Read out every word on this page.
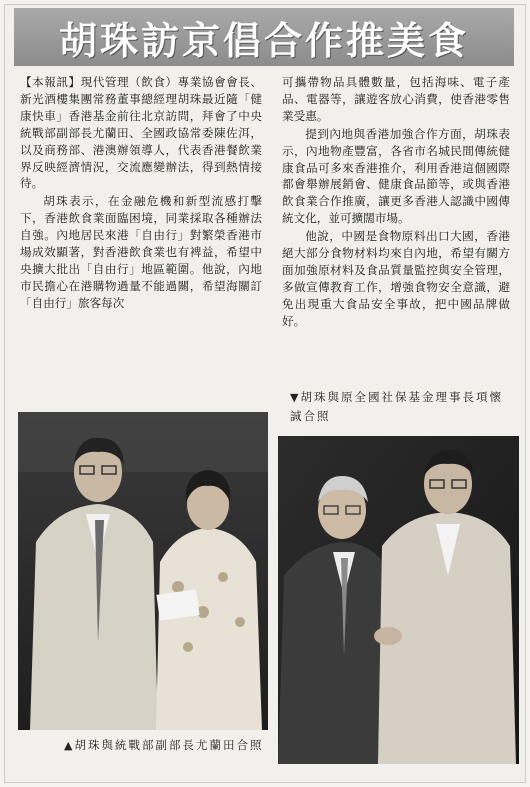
胡珠訪京倡合作推美食

【本報訊】現代管理（飲食）專業協會會長、新光酒樓集團常務董事總經理胡珠最近隨「健康快車」香港基金前往北京訪問，拜會了中央統戰部副部長尤蘭田、全國政協常委陳佐洱，以及商務部、港澳辦領導人，代表香港餐飲業界反映經濟情況，交流應變辦法，得到熱情接待。

胡珠表示，在金融危機和新型流感打擊下，香港飲食業面臨困境，同業採取各種辦法自強。內地居民來港「自由行」對繁榮香港市場成效顯著，對香港飲食業也有裨益，希望中央擴大批出「自由行」地區範圍。他說，內地市民擔心在港購物過量不能過關，希望海關訂「自由行」旅客每次

可攜帶物品具體數量，包括海味、電子產品、電器等，讓遊客放心消費，使香港零售業受惠。

提到內地與香港加強合作方面，胡珠表示，內地物產豐富，各省市名城民間傳統健康食品可多來香港推介，利用香港這個國際都會舉辦展銷會、健康食品節等，或與香港飲食業合作推廣，讓更多香港人認識中國傳統文化，並可擴闊市場。

他說，中國是食物原料出口大國，香港絕大部分食物材料均來自內地，希望有關方面加強原材料及食品質量監控與安全管理，多做宣傳教育工作，增強食物安全意識，避免出現重大食品安全事故，把中國品牌做好。

▼胡珠與原全國社保基金理事長項懷誠合照
▲胡珠與統戰部副部長尤蘭田合照
